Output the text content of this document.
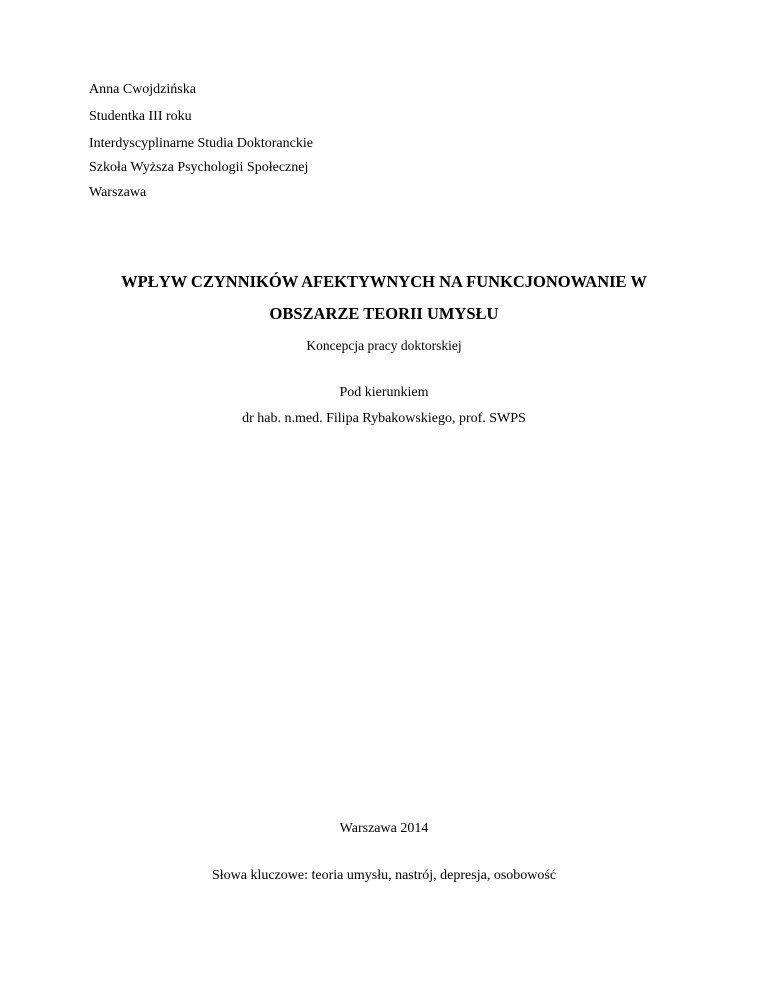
Anna Cwojdzińska
Studentka III roku
Interdyscyplinarne Studia Doktoranckie
Szkoła Wyższa Psychologii Społecznej
Warszawa
WPŁYW CZYNNIKÓW AFEKTYWNYCH NA FUNKCJONOWANIE W
OBSZARZE TEORII UMYSŁU
Koncepcja pracy doktorskiej
Pod kierunkiem
dr hab. n.med. Filipa Rybakowskiego, prof. SWPS
Warszawa 2014
Słowa kluczowe: teoria umysłu, nastrój, depresja, osobowość
